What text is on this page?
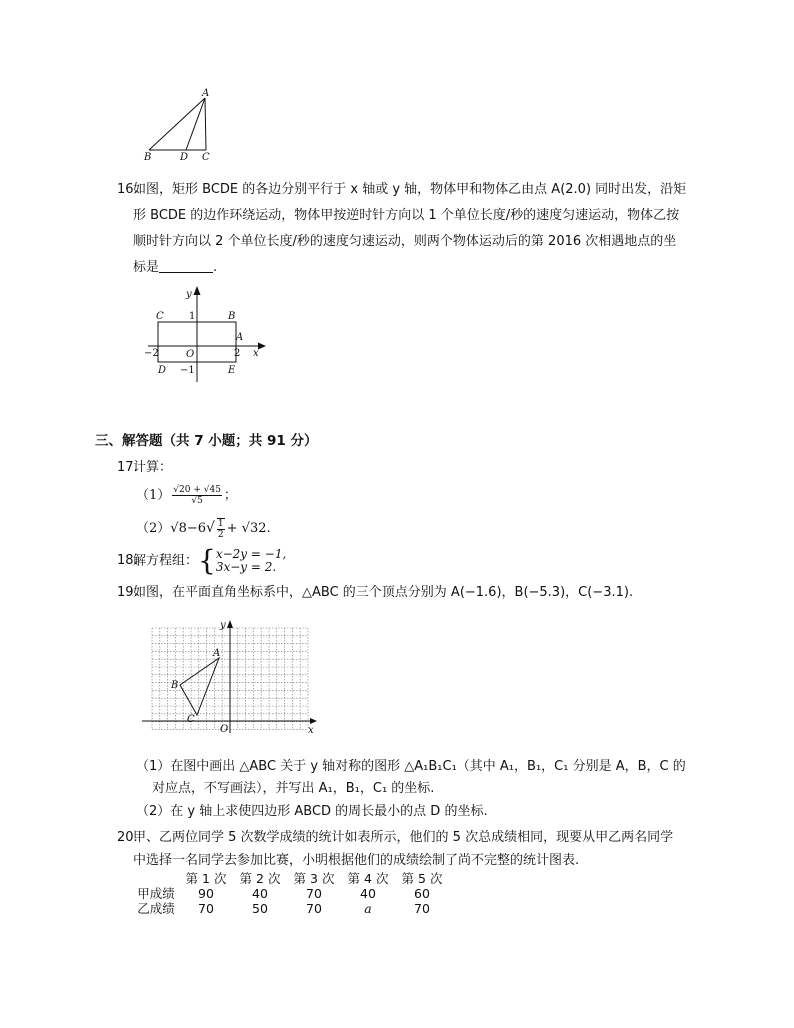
A
B	D C
16.
如图，矩形 BCDE 的各边分别平行于 x 轴或 y 轴，物体甲和物体乙由点 A(2.0) 同时出发，沿矩
形 BCDE 的边作环绕运动，物体甲按逆时针方向以 1 个单位长度/秒的速度匀速运动，物体乙按
顺时针方向以 2 个单位长度/秒的速度匀速运动，则两个物体运动后的第 2016 次相遇地点的坐
标是	.
y
x
C	B
A
D	E
O
1
−1
2
−2
三、解答题（共 7 小题；共 91 分）
17.
计算：
$(1) \frac{√20 + √45}{√5}$ ；
$(2)√8-6√ \frac{1}{2} + √32$.
18.
解方程组：{ x−2y = −1,
3x−y = 2.
19.
如图，在平面直角坐标系中，△ABC 的三个顶点分别为 A(−1.6)，B(−5.3)，C(−3.1).
y
x
A
B
C
O
（1）在图中画出 △ABC 关于 y 轴对称的图形 △A₁B₁C₁（其中 A₁，B₁，C₁ 分别是 A，B，C 的
对应点，不写画法），并写出 A₁，B₁，C₁ 的坐标.
（2）在 y 轴上求使四边形 ABCD 的周长最小的点 D 的坐标.
20.
甲、乙两位同学 5 次数学成绩的统计如表所示，他们的 5 次总成绩相同，现要从甲乙两名同学
中选择一名同学去参加比赛，小明根据他们的成绩绘制了尚不完整的统计图表.
	第 1 次	第 2 次	第 3 次	第 4 次	第 5 次
甲成绩	90	40	70	40	60
乙成绩	70	50	70	a	70
